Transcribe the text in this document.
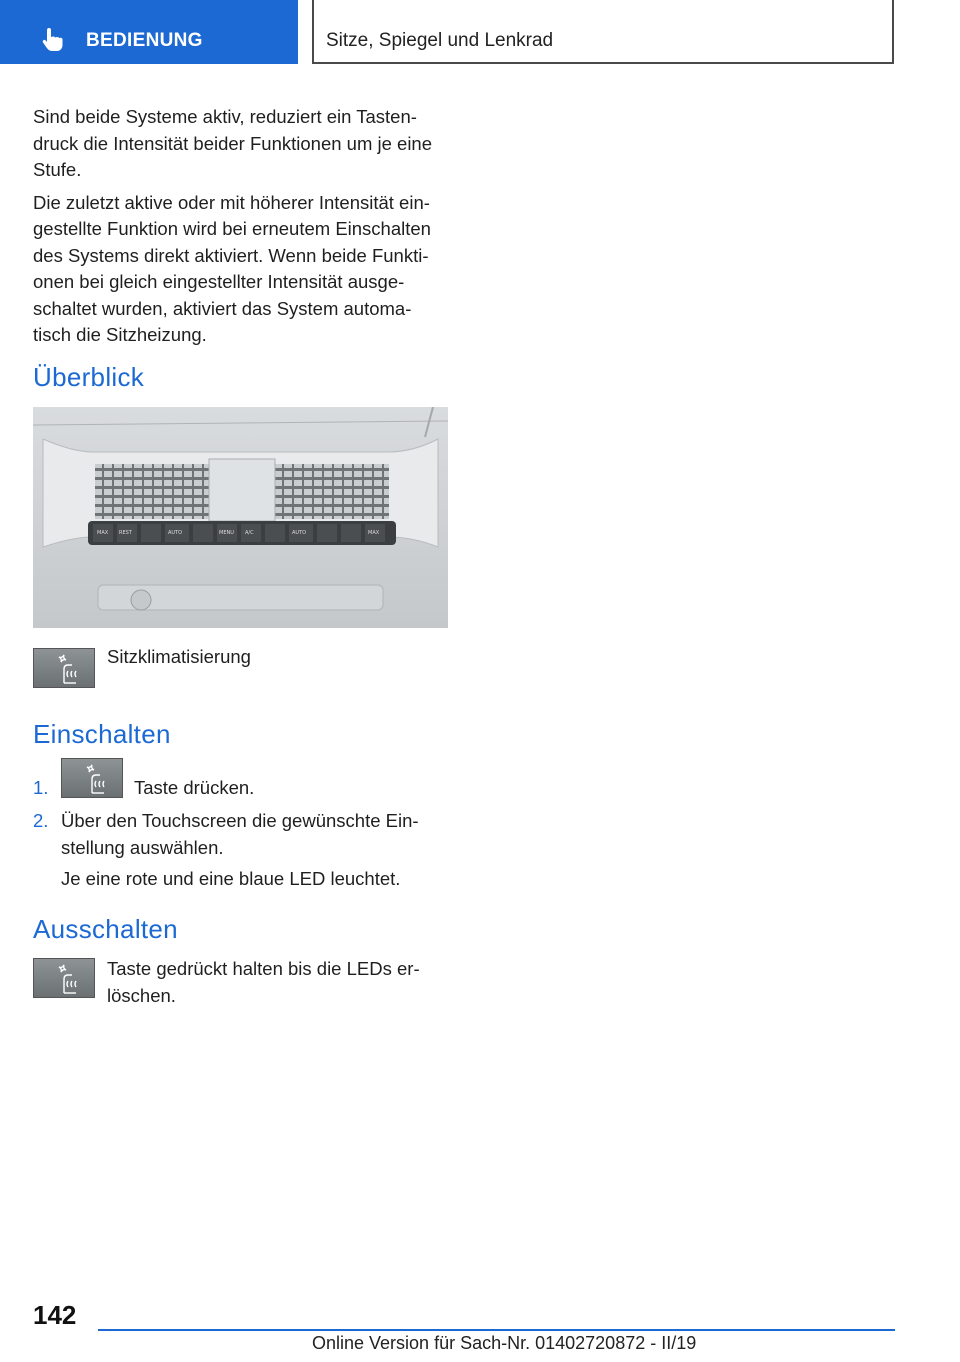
BEDIENUNG	Sitze, Spiegel und Lenkrad

Sind beide Systeme aktiv, reduziert ein Tasten‐druck die Intensität beider Funktionen um je eine Stufe.

Die zuletzt aktive oder mit höherer Intensität ein‐gestellte Funktion wird bei erneutem Einschalten des Systems direkt aktiviert. Wenn beide Funkti‐onen bei gleich eingestellter Intensität ausge‐schaltet wurden, aktiviert das System automa‐tisch die Sitzheizung.

Überblick
MAX REST	AUTO	MENU A/C	AUTO	MAX
Sitzklimatisierung
Einschalten
1.	Taste drücken.
2. Über den Touchscreen die gewünschte Ein‐stellung auswählen.

Je eine rote und eine blaue LED leuchtet.

Ausschalten

Taste gedrückt halten bis die LEDs er‐löschen.

142
Online Version für Sach-Nr. 01402720872 - II/19
